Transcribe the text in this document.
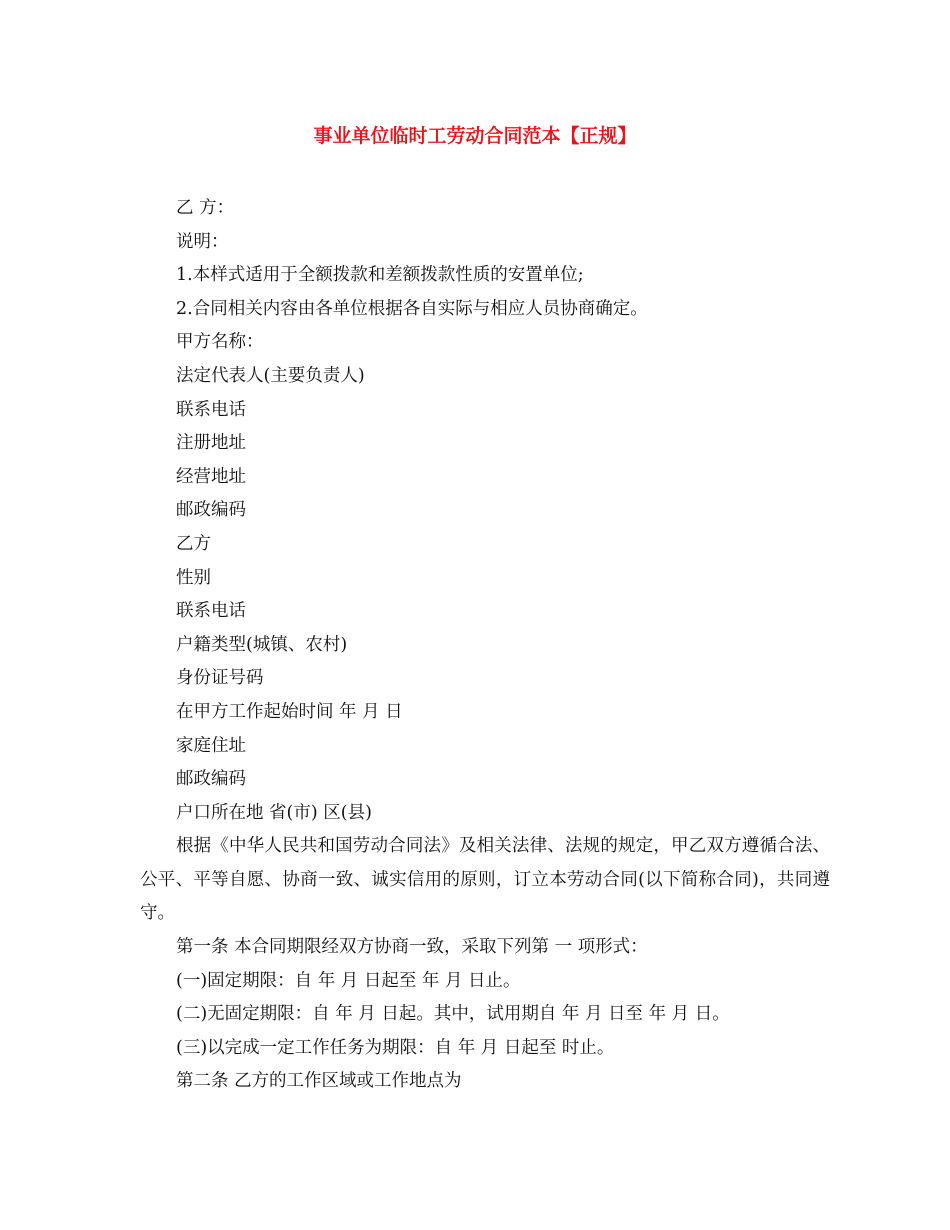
事业单位临时工劳动合同范本【正规】
乙 方：
说明：
1.本样式适用于全额拨款和差额拨款性质的安置单位;
2.合同相关内容由各单位根据各自实际与相应人员协商确定。
甲方名称：
法定代表人(主要负责人)
联系电话
注册地址
经营地址
邮政编码
乙方
性别
联系电话
户籍类型(城镇、农村)
身份证号码
在甲方工作起始时间 年 月 日
家庭住址
邮政编码
户口所在地 省(市) 区(县)
根据《中华人民共和国劳动合同法》及相关法律、法规的规定，甲乙双方遵循合法、公平、平等自愿、协商一致、诚实信用的原则，订立本劳动合同(以下简称合同)，共同遵守。
第一条 本合同期限经双方协商一致，采取下列第 一 项形式：
(一)固定期限：自 年 月 日起至 年 月 日止。
(二)无固定期限：自 年 月 日起。其中，试用期自 年 月 日至 年 月 日。
(三)以完成一定工作任务为期限：自 年 月 日起至 时止。
第二条 乙方的工作区域或工作地点为
